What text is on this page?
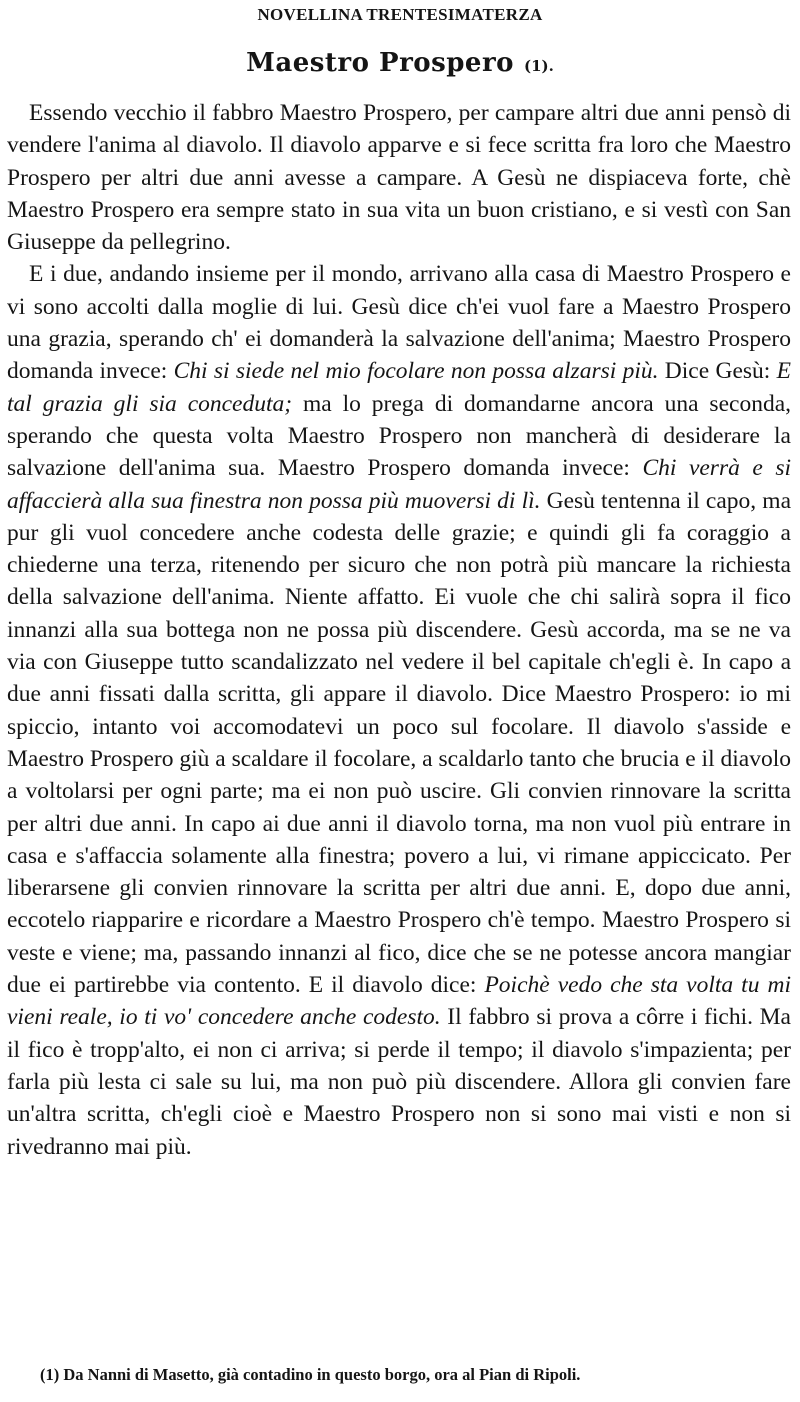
NOVELLINA TRENTESIMATERZA
Maestro Prospero (1).

Essendo vecchio il fabbro Maestro Prospero, per campare altri due anni pensò di vendere l'anima al diavolo. Il diavolo apparve e si fece scritta fra loro che Maestro Prospero per altri due anni avesse a campare. A Gesù ne dispiaceva forte, chè Maestro Prospero era sempre stato in sua vita un buon cristiano, e si vestì con San Giuseppe da pellegrino.

E i due, andando insieme per il mondo, arrivano alla casa di Maestro Prospero e vi sono accolti dalla moglie di lui. Gesù dice ch'ei vuol fare a Maestro Prospero una grazia, sperando ch' ei domanderà la salvazione dell'anima; Maestro Prospero domanda invece: Chi si siede nel mio focolare non possa alzarsi più. Dice Gesù: E tal grazia gli sia conceduta; ma lo prega di domandarne ancora una seconda, sperando che questa volta Maestro Prospero non mancherà di desiderare la salvazione dell'anima sua. Maestro Prospero domanda invece: Chi verrà e si affaccierà alla sua finestra non possa più muoversi di lì. Gesù tentenna il capo, ma pur gli vuol concedere anche codesta delle grazie; e quindi gli fa coraggio a chiederne una terza, ritenendo per sicuro che non potrà più mancare la richiesta della salvazione dell'anima. Niente affatto. Ei vuole che chi salirà sopra il fico innanzi alla sua bottega non ne possa più discendere. Gesù accorda, ma se ne va via con Giuseppe tutto scandalizzato nel vedere il bel capitale ch'egli è. In capo a due anni fissati dalla scritta, gli appare il diavolo. Dice Maestro Prospero: io mi spiccio, intanto voi accomodatevi un poco sul focolare. Il diavolo s'asside e Maestro Prospero giù a scaldare il focolare, a scaldarlo tanto che brucia e il diavolo a voltolarsi per ogni parte; ma ei non può uscire. Gli convien rinnovare la scritta per altri due anni. In capo ai due anni il diavolo torna, ma non vuol più entrare in casa e s'affaccia solamente alla finestra; povero a lui, vi rimane appiccicato. Per liberarsene gli convien rinnovare la scritta per altri due anni. E, dopo due anni, eccotelo riapparire e ricordare a Maestro Prospero ch'è tempo. Maestro Prospero si veste e viene; ma, passando innanzi al fico, dice che se ne potesse ancora mangiar due ei partirebbe via contento. E il diavolo dice: Poichè vedo che sta volta tu mi vieni reale, io ti vo' concedere anche codesto. Il fabbro si prova a côrre i fichi. Ma il fico è tropp'alto, ei non ci arriva; si perde il tempo; il diavolo s'impazienta; per farla più lesta ci sale su lui, ma non può più discendere. Allora gli convien fare un'altra scritta, ch'egli cioè e Maestro Prospero non si sono mai visti e non si rivedranno mai più.

(1) Da Nanni di Masetto, già contadino in questo borgo, ora al Pian di Ripoli.
